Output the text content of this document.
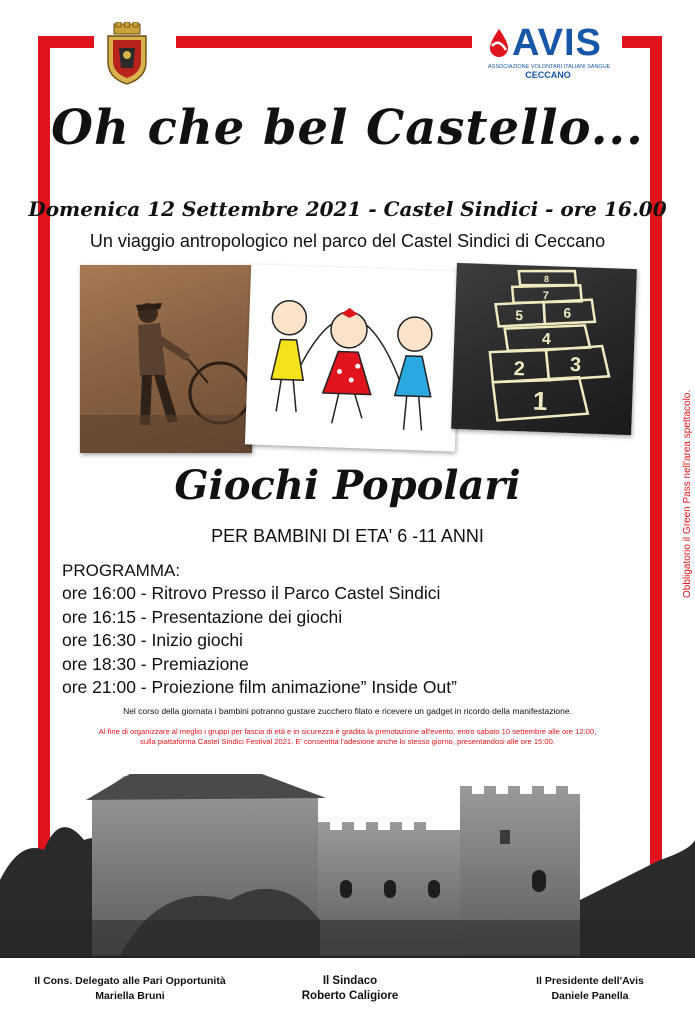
AVIS
ASSOCIAZIONE VOLONTARI ITALIANI SANGUE
CECCANO
Oh che bel Castello...
Domenica 12 Settembre 2021 - Castel Sindici - ore 16.00
Un viaggio antropologico nel parco del Castel Sindici di Ceccano
1
2 3
4
5	6
7
8
Giochi Popolari
PER BAMBINI DI ETA' 6 -11 ANNI
PROGRAMMA:
ore 16:00 - Ritrovo Presso il Parco Castel Sindici
ore 16:15 - Presentazione dei giochi
ore 16:30 - Inizio giochi
ore 18:30 - Premiazione
ore 21:00 - Proiezione film animazione” Inside Out”
Nel corso della giornata i bambini potranno gustare zucchero filato e ricevere un gadget in ricordo della manifestazione.
Al fine di organizzare al meglio i gruppi per fascia di età e in sicurezza è gradita la prenotazione all'evento, entro sabato 10 settembre alle ore 12:00,
sulla piattaforma Castel Sindici Festival 2021. E' consentita l'adesione anche lo stesso giorno, presentandosi alle ore 15:00.
Obbligatorio il Green Pass nell'area spettacolo.
Il Cons. Delegato alle Pari Opportunità
Mariella Bruni
Il Sindaco
Roberto Caligiore
Il Presidente dell'Avis
Daniele Panella
